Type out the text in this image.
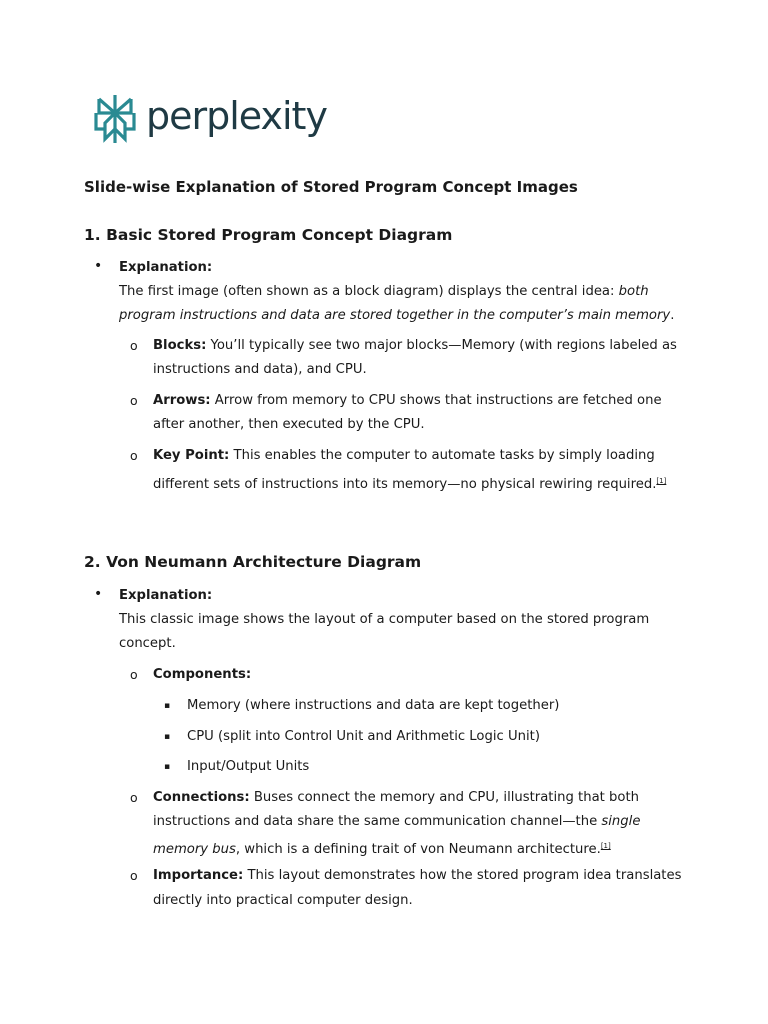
perplexity
Slide-wise Explanation of Stored Program Concept Images
1. Basic Stored Program Concept Diagram
• Explanation:
The first image (often shown as a block diagram) displays the central idea: both
program instructions and data are stored together in the computer’s main memory.
o Blocks: You’ll typically see two major blocks—Memory (with regions labeled as
instructions and data), and CPU.
o Arrows: Arrow from memory to CPU shows that instructions are fetched one
after another, then executed by the CPU.
o Key Point: This enables the computer to automate tasks by simply loading
different sets of instructions into its memory—no physical rewiring required.[1]
2. Von Neumann Architecture Diagram
• Explanation:
This classic image shows the layout of a computer based on the stored program
concept.
o Components:
▪ Memory (where instructions and data are kept together)
▪ CPU (split into Control Unit and Arithmetic Logic Unit)
▪ Input/Output Units
o Connections: Buses connect the memory and CPU, illustrating that both
instructions and data share the same communication channel—the single
memory bus, which is a defining trait of von Neumann architecture.[1]
o Importance: This layout demonstrates how the stored program idea translates
directly into practical computer design.
